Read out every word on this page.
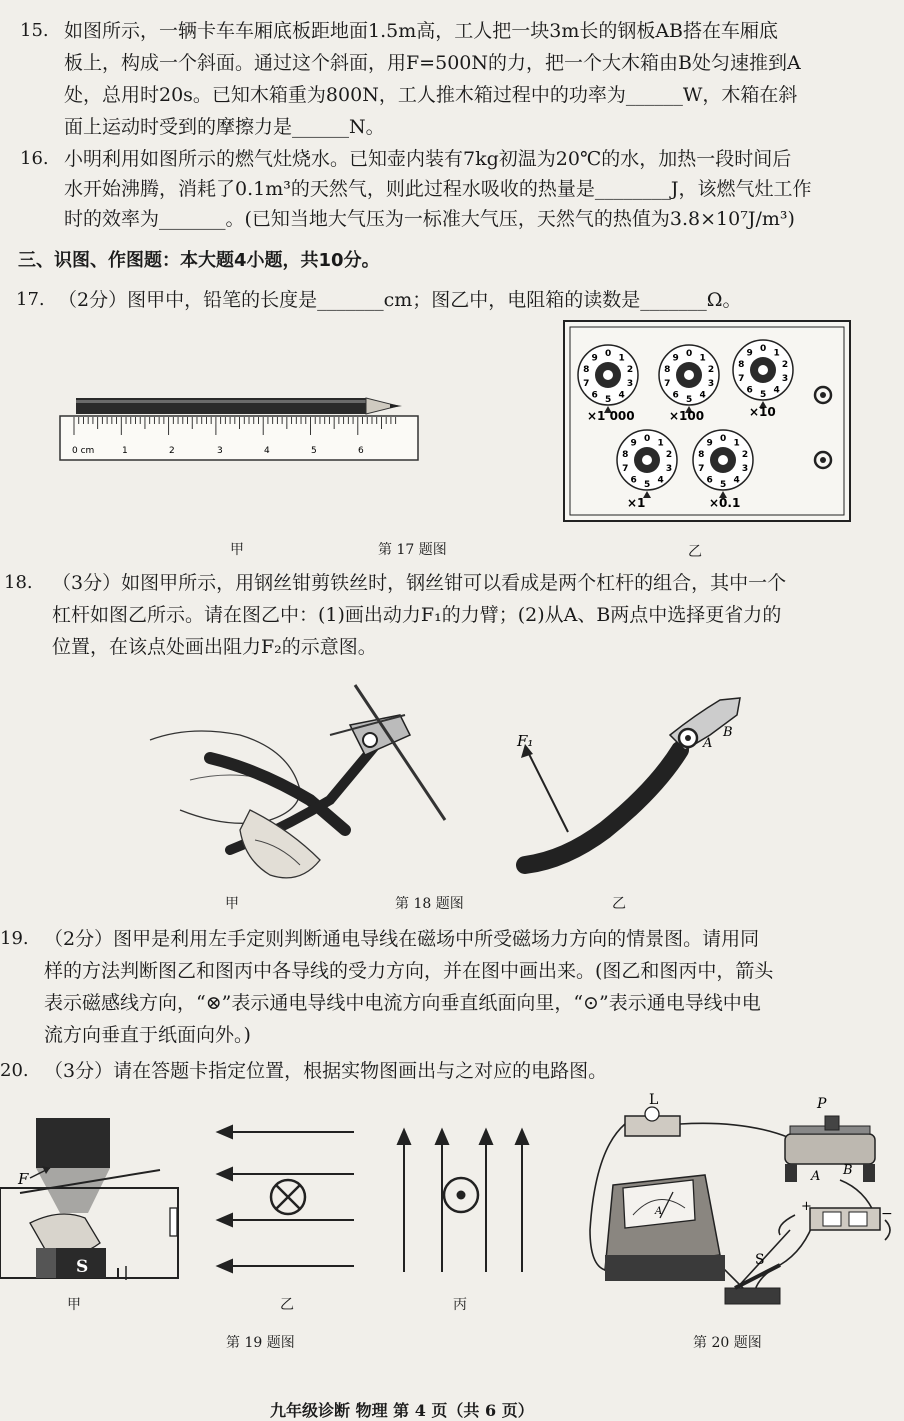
15. 如图所示，一辆卡车车厢底板距地面1.5m高，工人把一块3m长的钢板AB搭在车厢底
板上，构成一个斜面。通过这个斜面，用F=500N的力，把一个大木箱由B处匀速推到A
处，总用时20s。已知木箱重为800N，工人推木箱过程中的功率为______W，木箱在斜
面上运动时受到的摩擦力是______N。
16. 小明利用如图所示的燃气灶烧水。已知壶内装有7kg初温为20℃的水，加热一段时间后
水开始沸腾，消耗了0.1m³的天然气，则此过程水吸收的热量是________J，该燃气灶工作
时的效率为_______。(已知当地大气压为一标准大气压，天然气的热值为3.8×10⁷J/m³)
三、识图、作图题：本大题4小题，共10分。
17. （2分）图甲中，铅笔的长度是_______cm；图乙中，电阻箱的读数是_______Ω。
0 cm	1	2	3	4	5	6
0 1
2
3
4
5
6
7
8
9	0 1
2
3
4
5
6
7
8
9
0 1
2
3
4
5
6
7
8
9
0 1
2
3
4
5
6
7
8
9	0 1
2
3
4
5
6
7
8
9
×1 000	×100	×10
×1	×0.1
甲	第 17 题图	乙
18. （3分）如图甲所示，用钢丝钳剪铁丝时，钢丝钳可以看成是两个杠杆的组合，其中一个
杠杆如图乙所示。请在图乙中：(1)画出动力F₁的力臂；(2)从A、B两点中选择更省力的
位置，在该点处画出阻力F₂的示意图。
F₁	A
B
甲	第 18 题图	乙
19. （2分）图甲是利用左手定则判断通电导线在磁场中所受磁场力方向的情景图。请用同
样的方法判断图乙和图丙中各导线的受力方向，并在图中画出来。(图乙和图丙中，箭头
表示磁感线方向，“⊗”表示通电导线中电流方向垂直纸面向里，“⊙”表示通电导线中电
流方向垂直于纸面向外。)
20. （3分）请在答题卡指定位置，根据实物图画出与之对应的电路图。
S
F
甲	乙	丙
第 19 题图
L	P
A B
+	−
A
S
第 20 题图
九年级诊断 物理 第 4 页（共 6 页）
